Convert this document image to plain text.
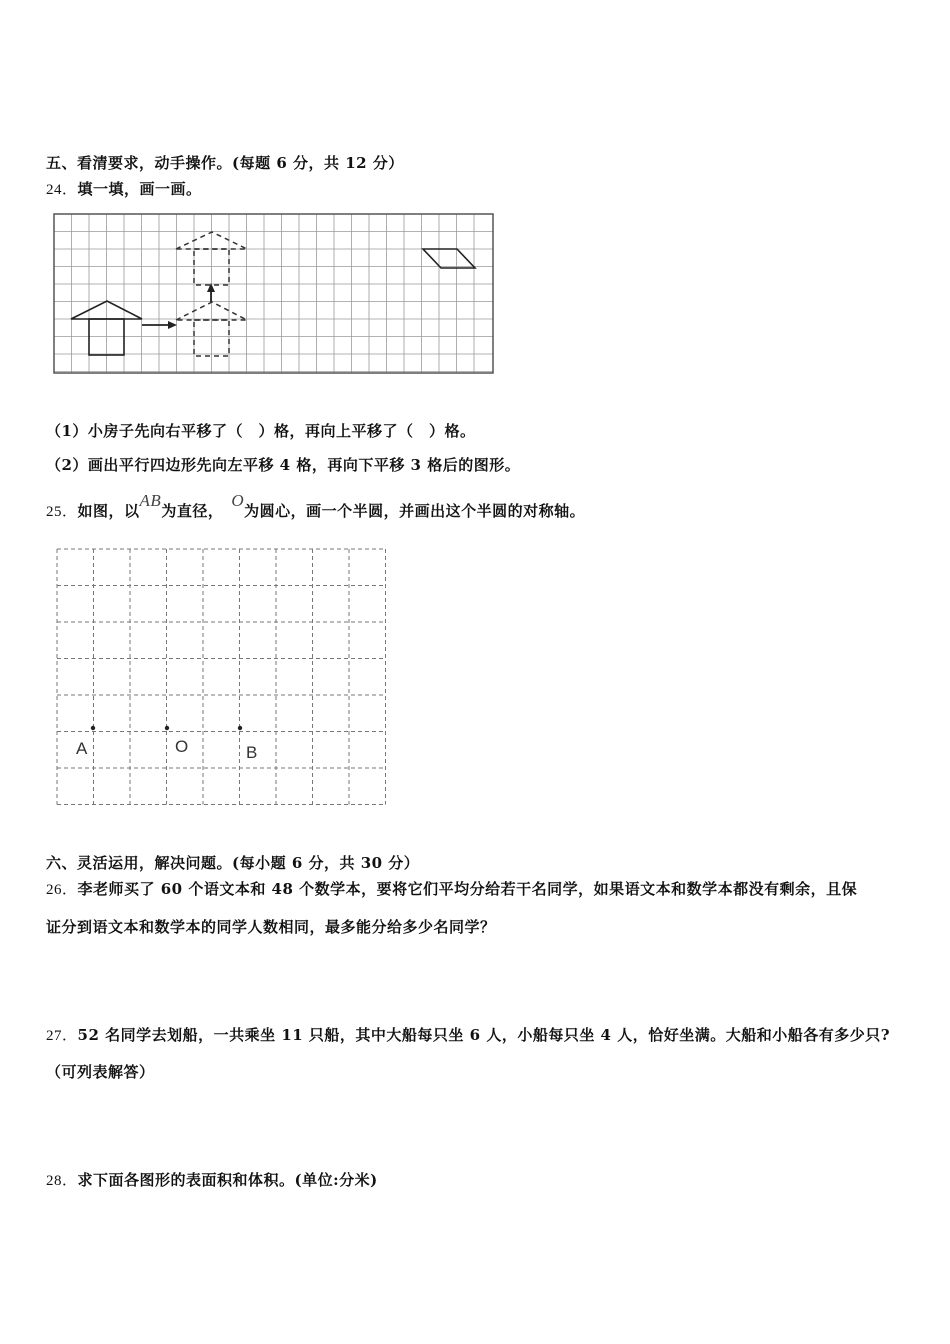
五、看清要求，动手操作。(每题 6 分，共 12 分）
24．填一填，画一画。
（1）小房子先向右平移了（　）格，再向上平移了（　）格。
（2）画出平行四边形先向左平移 4 格，再向下平移 3 格后的图形。
25．如图，以AB为直径，O为圆心，画一个半圆，并画出这个半圆的对称轴。
A	O	B
六、灵活运用，解决问题。(每小题 6 分，共 30 分）
26．李老师买了 60 个语文本和 48 个数学本，要将它们平均分给若干名同学，如果语文本和数学本都没有剩余，且保
证分到语文本和数学本的同学人数相同，最多能分给多少名同学？
27．52 名同学去划船，一共乘坐 11 只船，其中大船每只坐 6 人，小船每只坐 4 人，恰好坐满。大船和小船各有多少只?
（可列表解答）
28．求下面各图形的表面积和体积。(单位:分米)
